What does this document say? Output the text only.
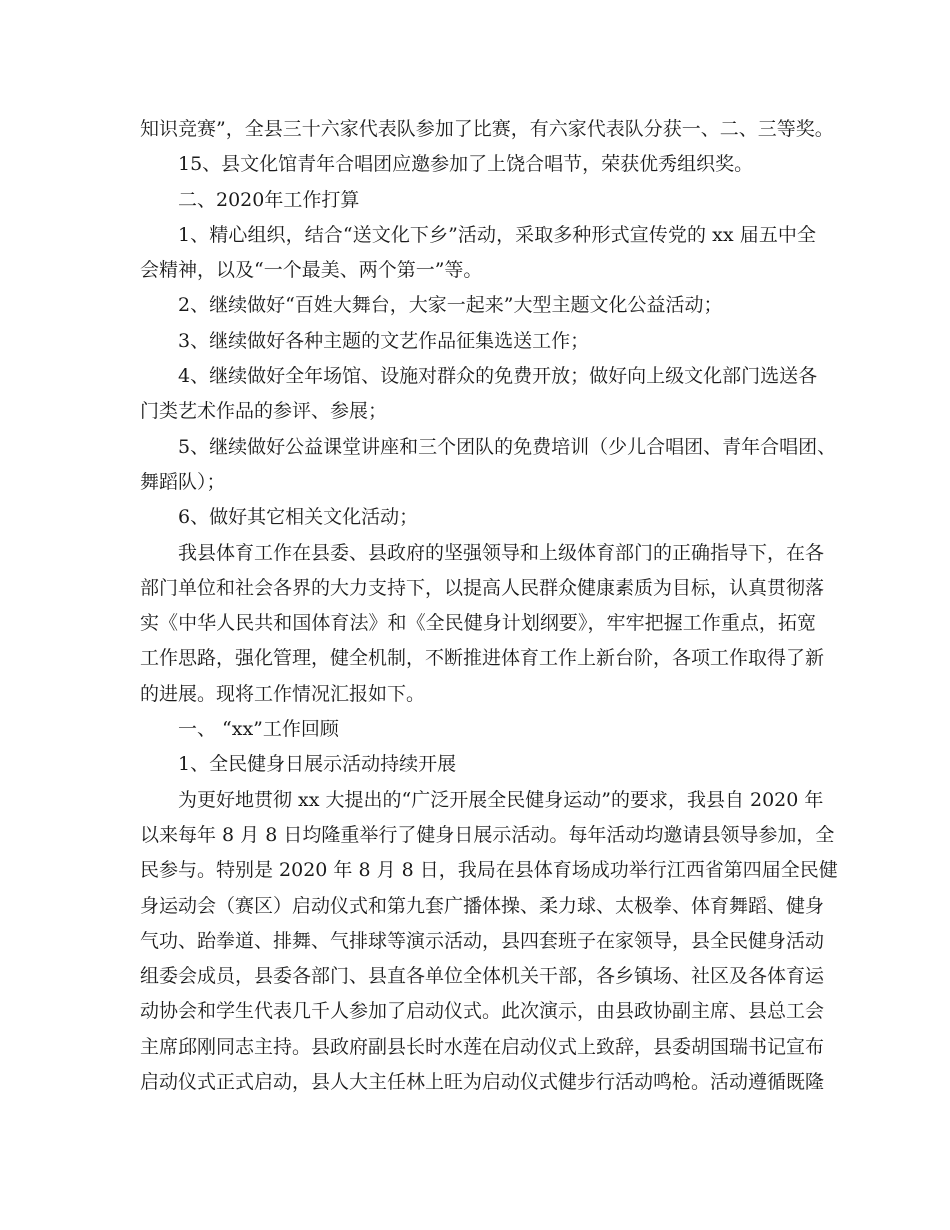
知识竞赛”，全县三十六家代表队参加了比赛，有六家代表队分获一、二、三等奖。
15、县文化馆青年合唱团应邀参加了上饶合唱节，荣获优秀组织奖。
二、2020年工作打算
1、精心组织，结合“送文化下乡”活动，采取多种形式宣传党的 xx 届五中全
会精神，以及“一个最美、两个第一”等。
2、继续做好“百姓大舞台，大家一起来”大型主题文化公益活动；
3、继续做好各种主题的文艺作品征集选送工作；
4、继续做好全年场馆、设施对群众的免费开放；做好向上级文化部门选送各
门类艺术作品的参评、参展；
5、继续做好公益课堂讲座和三个团队的免费培训（少儿合唱团、青年合唱团、
舞蹈队）；
6、做好其它相关文化活动；
我县体育工作在县委、县政府的坚强领导和上级体育部门的正确指导下，在各
部门单位和社会各界的大力支持下，以提高人民群众健康素质为目标，认真贯彻落
实《中华人民共和国体育法》和《全民健身计划纲要》，牢牢把握工作重点，拓宽
工作思路，强化管理，健全机制，不断推进体育工作上新台阶，各项工作取得了新
的进展。现将工作情况汇报如下。
一、 “xx”工作回顾
1、全民健身日展示活动持续开展
为更好地贯彻 xx 大提出的“广泛开展全民健身运动”的要求，我县自 2020 年
以来每年 8 月 8 日均隆重举行了健身日展示活动。每年活动均邀请县领导参加，全
民参与。特别是 2020 年 8 月 8 日，我局在县体育场成功举行江西省第四届全民健
身运动会（赛区）启动仪式和第九套广播体操、柔力球、太极拳、体育舞蹈、健身
气功、跆拳道、排舞、气排球等演示活动，县四套班子在家领导，县全民健身活动
组委会成员，县委各部门、县直各单位全体机关干部，各乡镇场、社区及各体育运
动协会和学生代表几千人参加了启动仪式。此次演示，由县政协副主席、县总工会
主席邱刚同志主持。县政府副县长时水莲在启动仪式上致辞，县委胡国瑞书记宣布
启动仪式正式启动，县人大主任林上旺为启动仪式健步行活动鸣枪。活动遵循既隆
